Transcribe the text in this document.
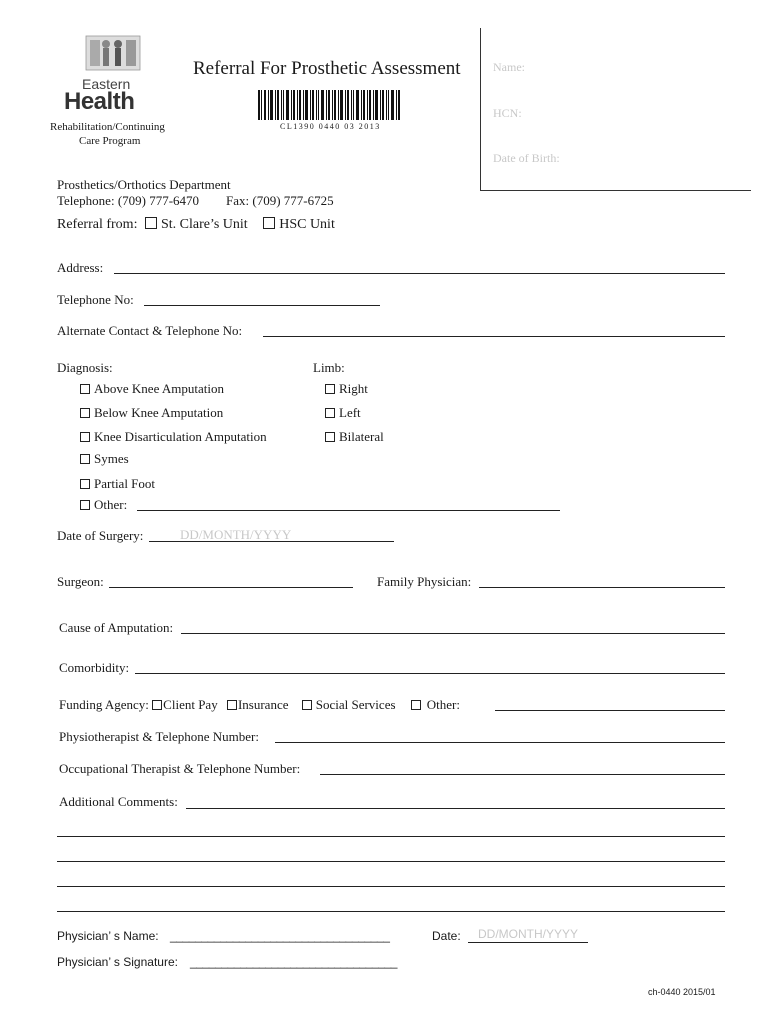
Eastern
Health
Rehabilitation/Continuing
Care Program
Referral For Prosthetic Assessment
CL1390 0440 03 2013
Name:
HCN:
Date of Birth:
Prosthetics/Orthotics Department
Telephone: (709) 777-6470 Fax: (709) 777-6725
Referral from: St. Clare’s Unit HSC Unit
Address:
Telephone No:
Alternate Contact & Telephone No:
Diagnosis:
Above Knee Amputation
Below Knee Amputation
Knee Disarticulation Amputation
Symes
Partial Foot
Other:
Limb:
Right
Left
Bilateral
Date of Surgery:	DD/MONTH/YYYY
Surgeon:	Family Physician:
Cause of Amputation:
Comorbidity:
Funding Agency: Client Pay Insurance Social Services Other:
Physiotherapist & Telephone Number:
Occupational Therapist & Telephone Number:
Additional Comments:
Physician’ s Name: ___________________________________	Date: DD/MONTH/YYYY
Physician’ s Signature: _________________________________
ch-0440 2015/01
